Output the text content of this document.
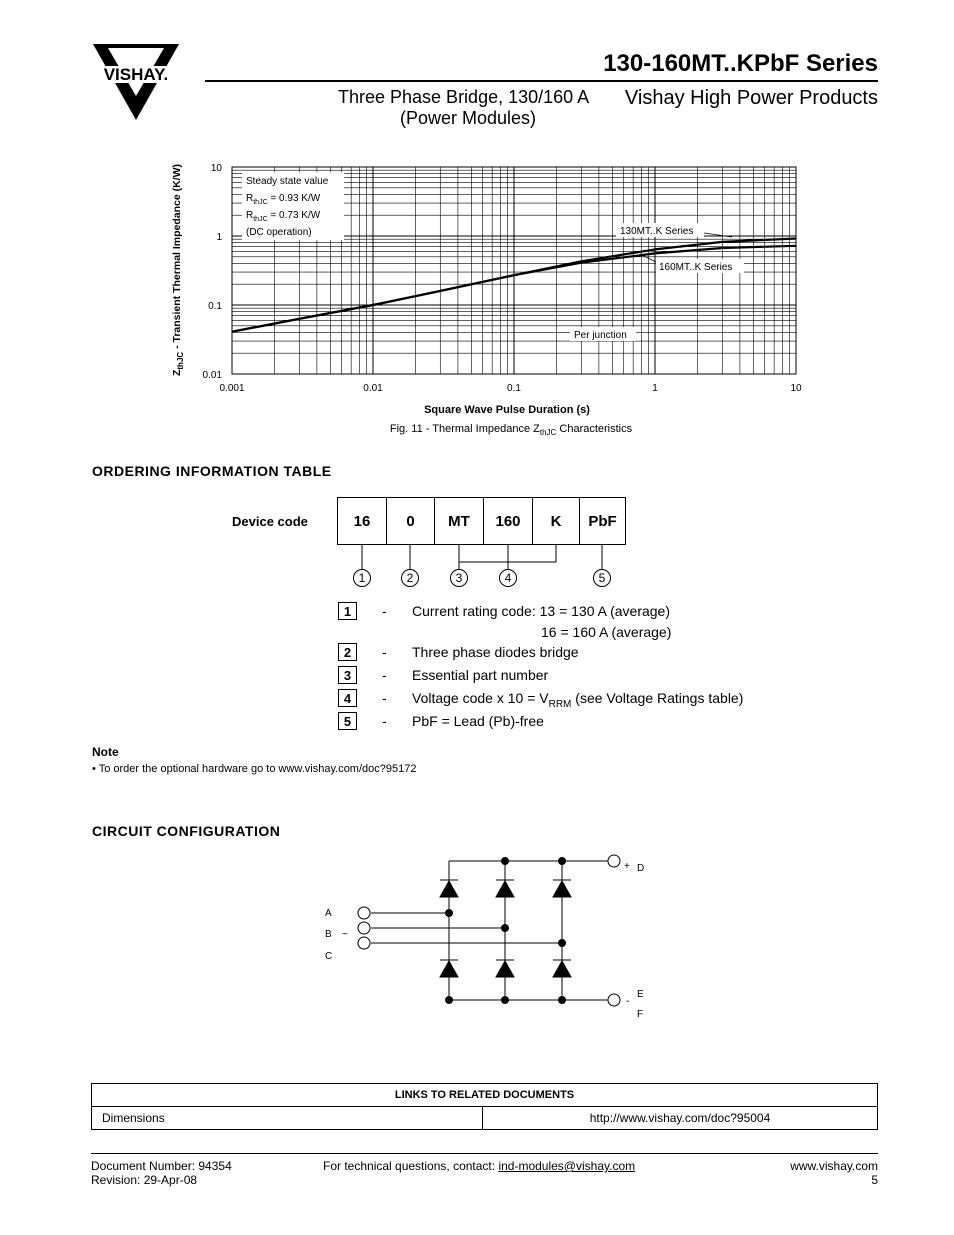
VISHAY.	130-160MT..KPbF Series
Three Phase Bridge, 130/160 A
(Power Modules)
Vishay High Power Products
0.001	0.01	0.1	1	10
0.01
0.1
1
10
Steady state value
$R_{thJC} = 0.93$ K/W
$R_{thJC} = 0.73$ K/W
(DC operation)	130MT..K Series
160MT..K Series
Per junction
Square Wave Pulse Duration (s)
Fig. 11 - Thermal Impedance $Z_{thJC}$ Characteristics
$Z_{thJC}$ - Transient Thermal Impedance (K/W)
ORDERING INFORMATION TABLE
Device code	16	0	MT	160	K	PbF
1	2	3	4	5
1	- Current rating code: 13 = 130 A (average)
16 = 160 A (average)
2	- Three phase diodes bridge
3	- Essential part number
4	- Voltage code x $10 = V_{RRM}$ (see Voltage Ratings table)
5	- PbF = Lead (Pb)-free
Note
• To order the optional hardware go to www.vishay.com/doc?95172
CIRCUIT CONFIGURATION
A
B ~
C
+ D
-
E
F
LINKS TO RELATED DOCUMENTS
Dimensions	http://www.vishay.com/doc?95004
Document Number: 94354
Revision: 29-Apr-08
For technical questions, contact: ind-modules@vishay.com	www.vishay.com
5
